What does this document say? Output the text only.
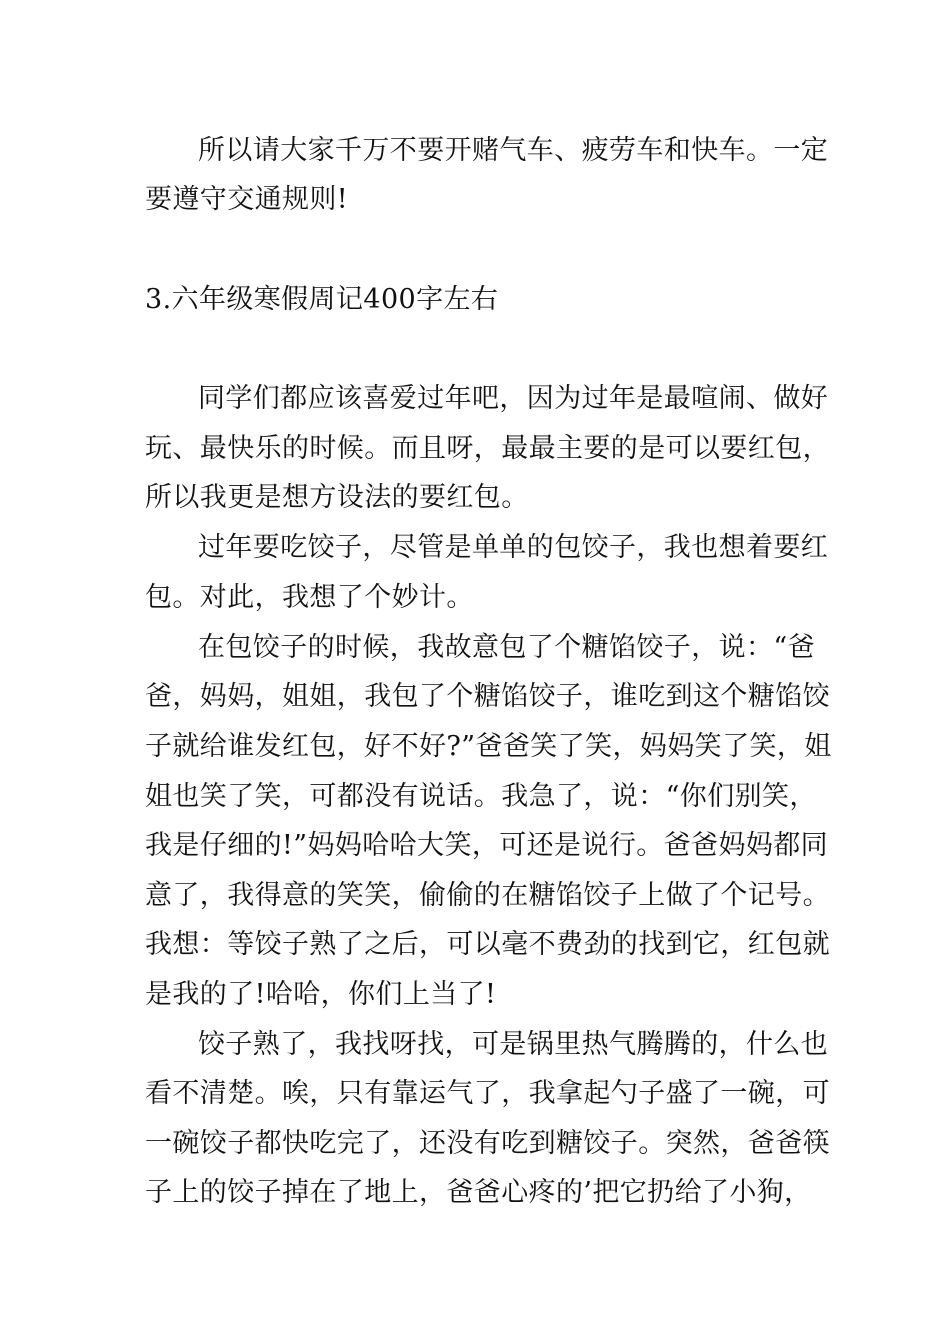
所以请大家千万不要开赌气车、疲劳车和快车。一定
要遵守交通规则!
3.六年级寒假周记400字左右
同学们都应该喜爱过年吧，因为过年是最喧闹、做好
玩、最快乐的时候。而且呀，最最主要的是可以要红包，
所以我更是想方设法的要红包。
过年要吃饺子，尽管是单单的包饺子，我也想着要红
包。对此，我想了个妙计。
在包饺子的时候，我故意包了个糖馅饺子，说：“爸
爸，妈妈，姐姐，我包了个糖馅饺子，谁吃到这个糖馅饺
子就给谁发红包，好不好?”爸爸笑了笑，妈妈笑了笑，姐
姐也笑了笑，可都没有说话。我急了，说：“你们别笑，
我是仔细的!”妈妈哈哈大笑，可还是说行。爸爸妈妈都同
意了，我得意的笑笑，偷偷的在糖馅饺子上做了个记号。
我想：等饺子熟了之后，可以毫不费劲的找到它，红包就
是我的了!哈哈，你们上当了!
饺子熟了，我找呀找，可是锅里热气腾腾的，什么也
看不清楚。唉，只有靠运气了，我拿起勺子盛了一碗，可
一碗饺子都快吃完了，还没有吃到糖饺子。突然，爸爸筷
子上的饺子掉在了地上，爸爸心疼的’把它扔给了小狗，
